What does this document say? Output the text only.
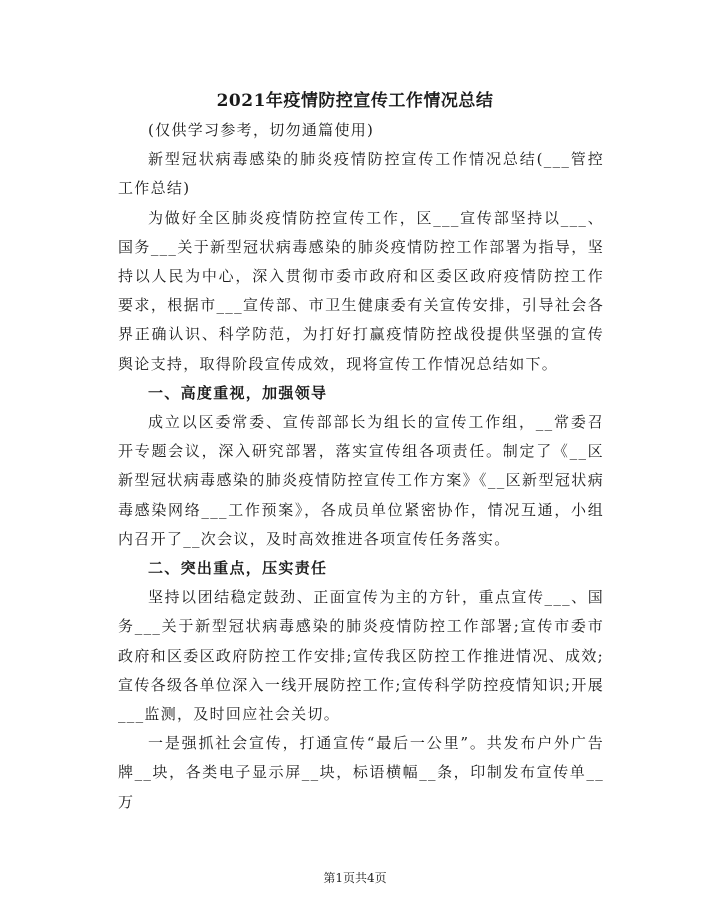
2021年疫情防控宣传工作情况总结

(仅供学习参考，切勿通篇使用)

新型冠状病毒感染的肺炎疫情防控宣传工作情况总结(___管控工作总结)

为做好全区肺炎疫情防控宣传工作，区___宣传部坚持以___、国务___关于新型冠状病毒感染的肺炎疫情防控工作部署为指导，坚持以人民为中心，深入贯彻市委市政府和区委区政府疫情防控工作要求，根据市___宣传部、市卫生健康委有关宣传安排，引导社会各界正确认识、科学防范，为打好打赢疫情防控战役提供坚强的宣传舆论支持，取得阶段宣传成效，现将宣传工作情况总结如下。

一、高度重视，加强领导

成立以区委常委、宣传部部长为组长的宣传工作组，__常委召开专题会议，深入研究部署，落实宣传组各项责任。制定了《__区新型冠状病毒感染的肺炎疫情防控宣传工作方案》《__区新型冠状病毒感染网络___工作预案》，各成员单位紧密协作，情况互通，小组内召开了__次会议，及时高效推进各项宣传任务落实。

二、突出重点，压实责任

坚持以团结稳定鼓劲、正面宣传为主的方针，重点宣传___、国务___关于新型冠状病毒感染的肺炎疫情防控工作部署;宣传市委市政府和区委区政府防控工作安排;宣传我区防控工作推进情况、成效;宣传各级各单位深入一线开展防控工作;宣传科学防控疫情知识;开展___监测，及时回应社会关切。

一是强抓社会宣传，打通宣传“最后一公里”。共发布户外广告牌__块，各类电子显示屏__块，标语横幅__条，印制发布宣传单__万

第1页共4页
